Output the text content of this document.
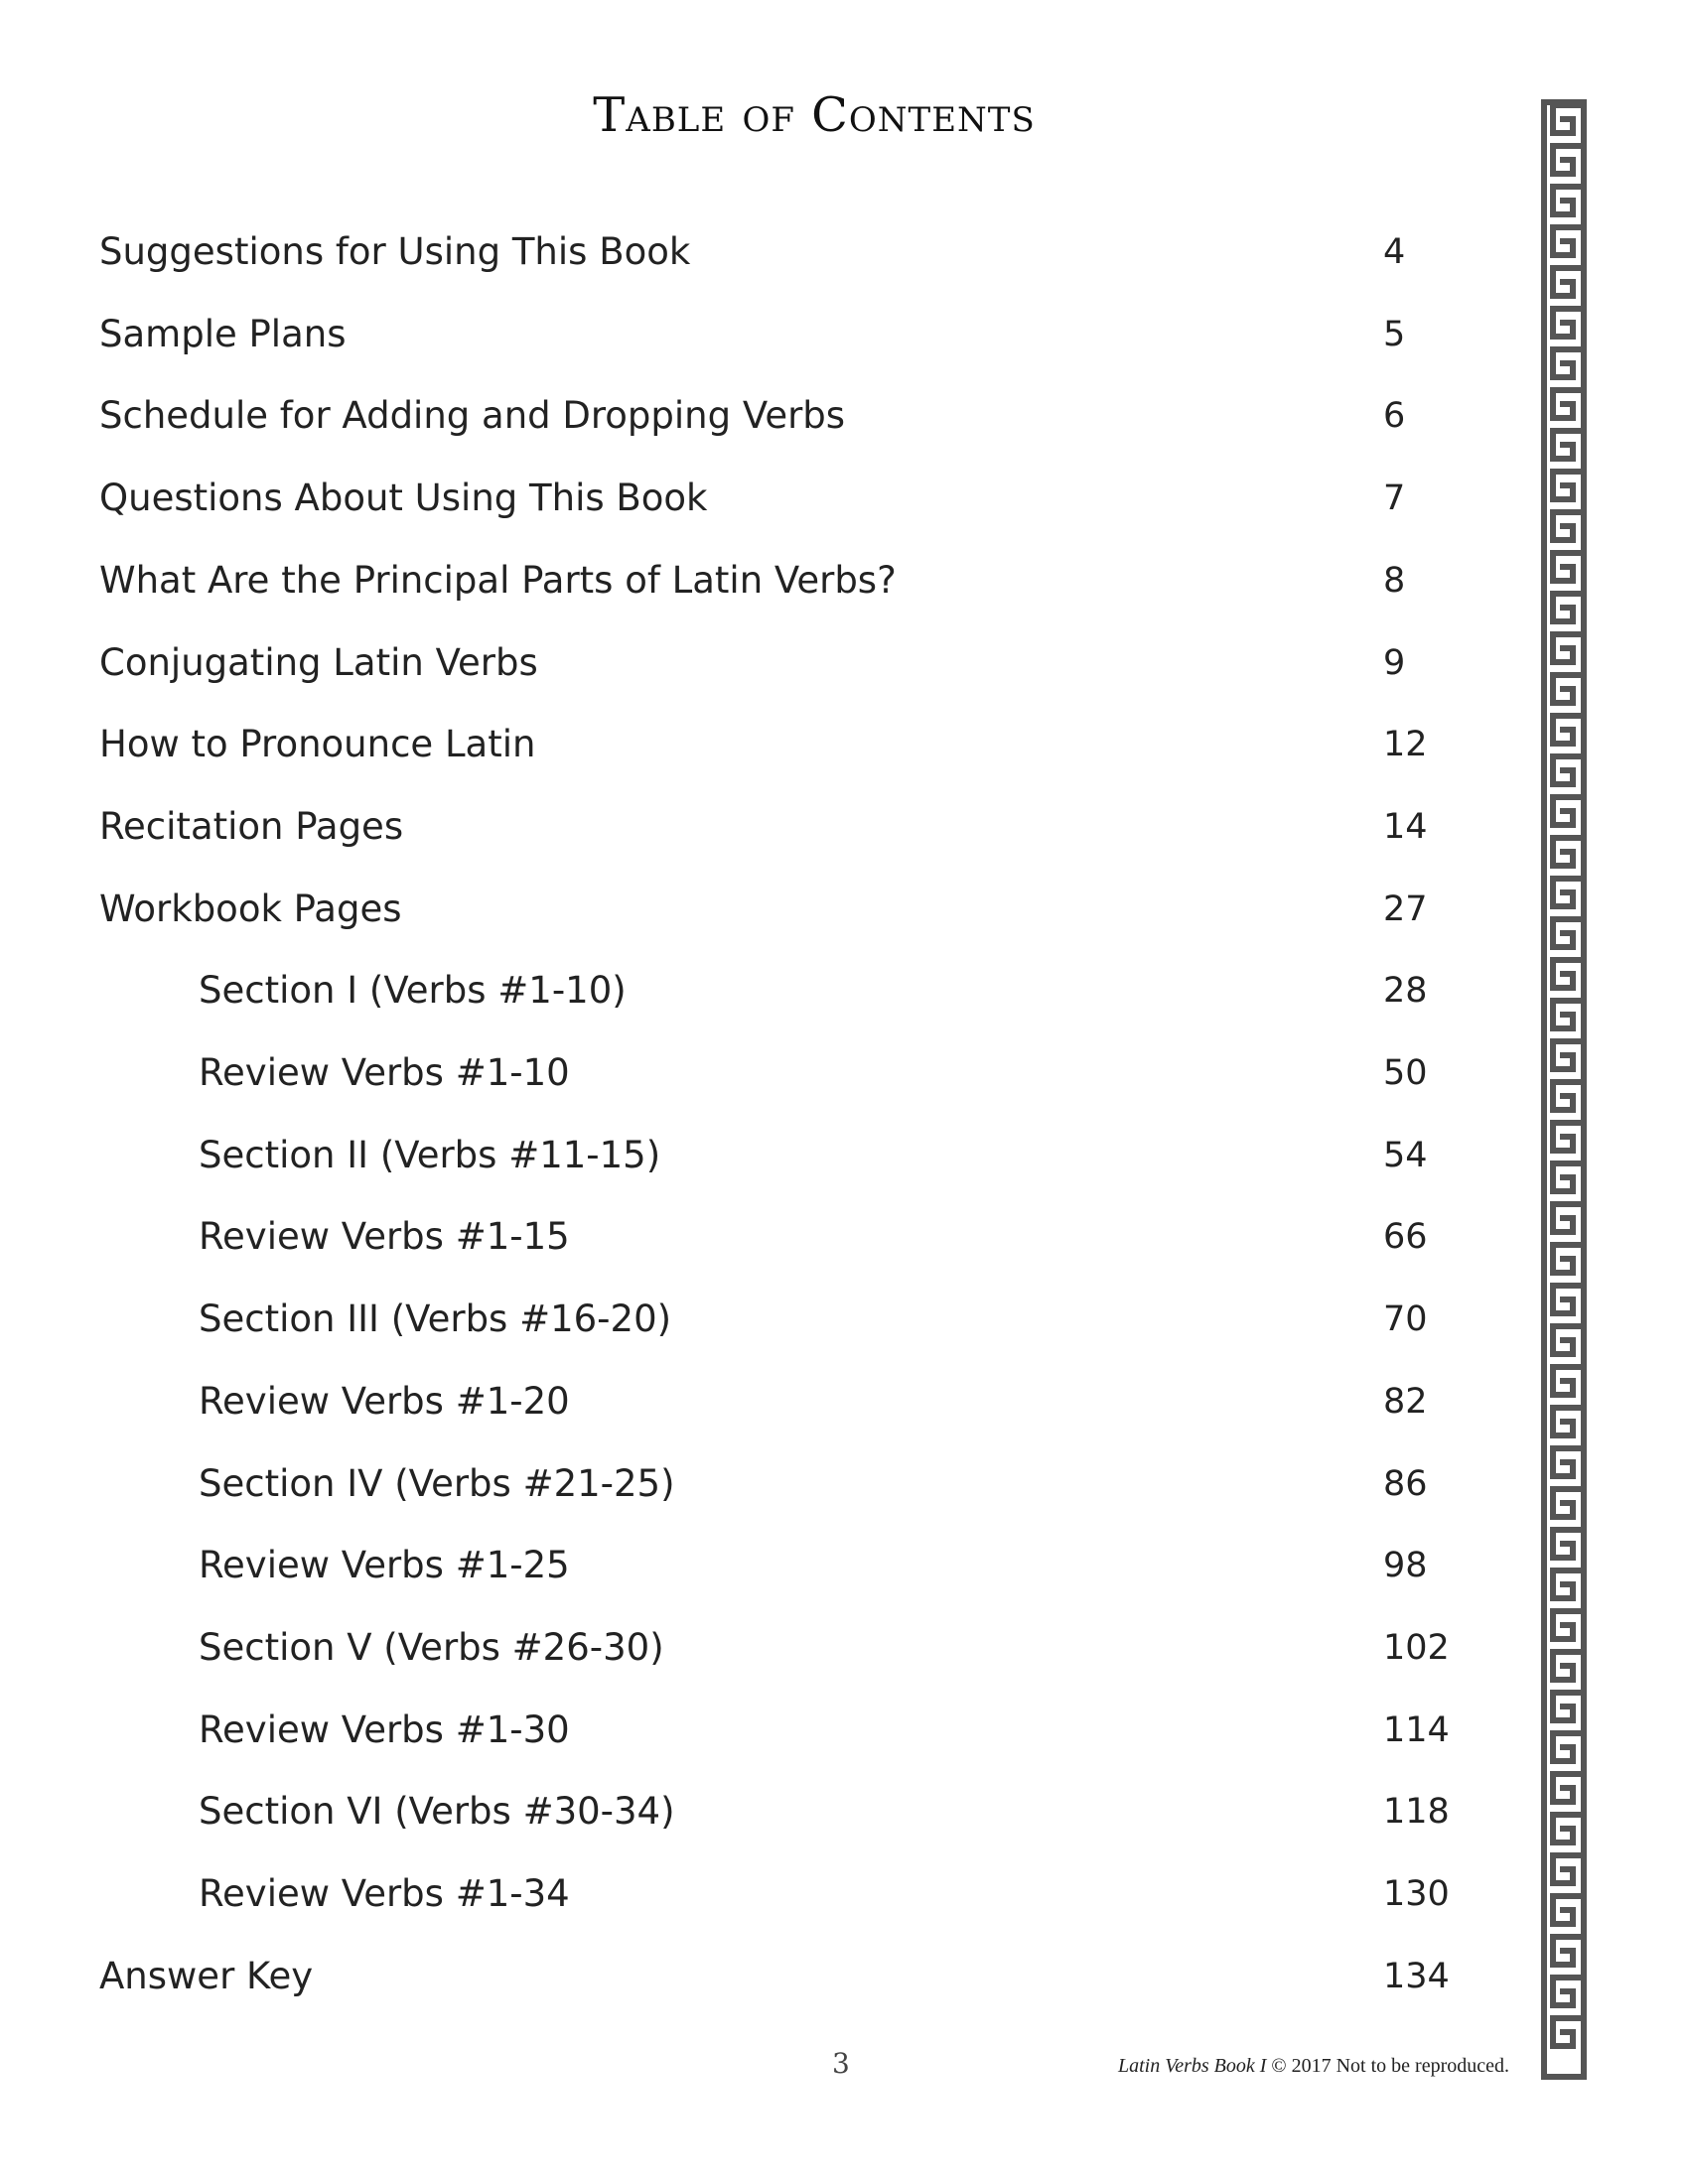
Table of Contents
Suggestions for Using This Book	4
Sample Plans	5
Schedule for Adding and Dropping Verbs	6
Questions About Using This Book	7
What Are the Principal Parts of Latin Verbs?	8
Conjugating Latin Verbs	9
How to Pronounce Latin	12
Recitation Pages	14
Workbook Pages	27
Section I (Verbs #1-10)	28
Review Verbs #1-10	50
Section II (Verbs #11-15)	54
Review Verbs #1-15	66
Section III (Verbs #16-20)	70
Review Verbs #1-20	82
Section IV (Verbs #21-25)	86
Review Verbs #1-25	98
Section V (Verbs #26-30)	102
Review Verbs #1-30	114
Section VI (Verbs #30-34)	118
Review Verbs #1-34	130
Answer Key	134
3	Latin Verbs Book I © 2017 Not to be reproduced.
